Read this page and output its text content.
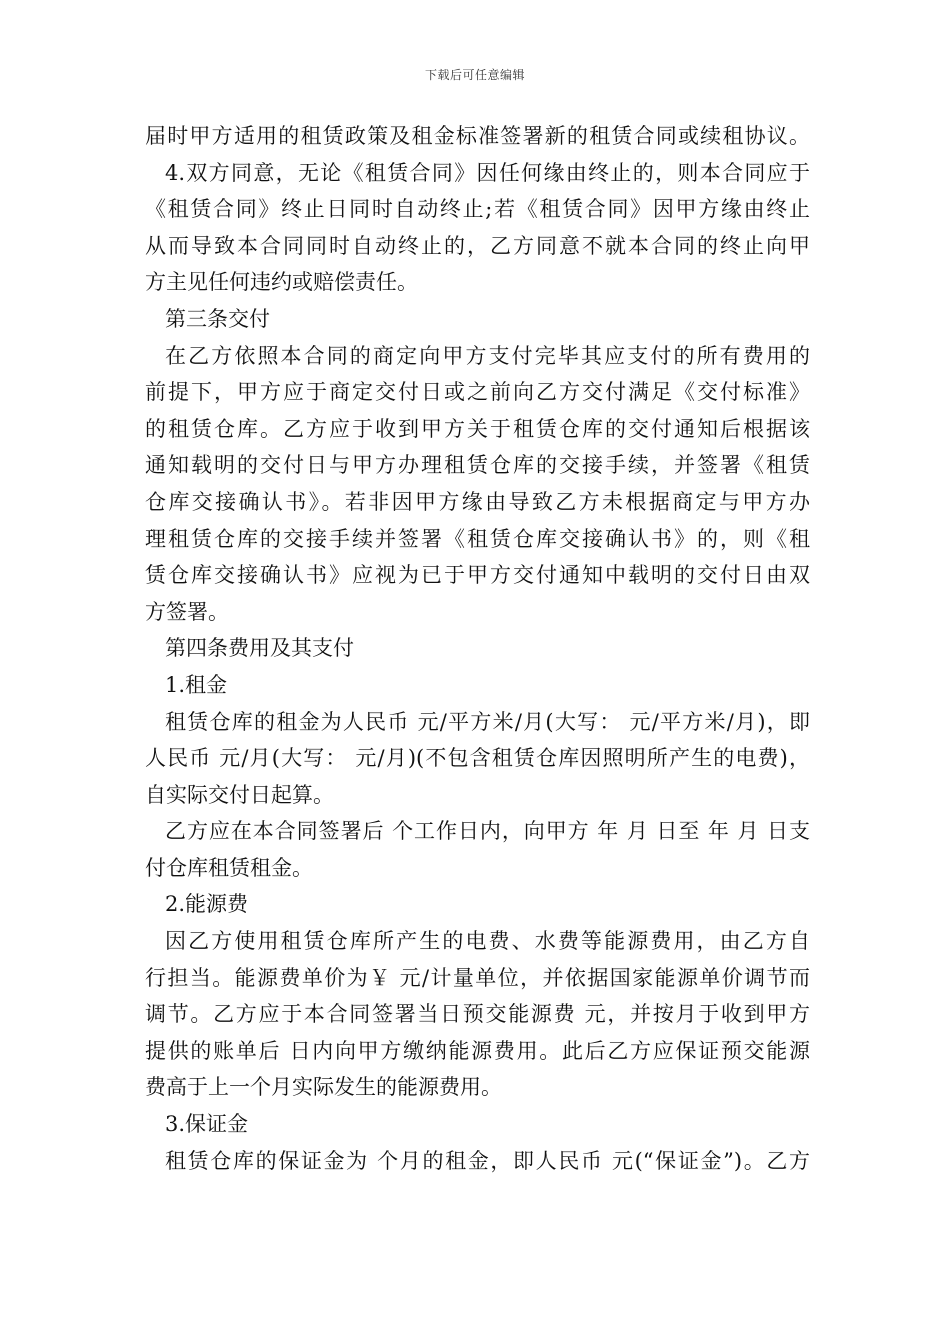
下载后可任意编辑
届时甲方适用的租赁政策及租金标准签署新的租赁合同或续租协议。
4.双方同意，无论《租赁合同》因任何缘由终止的，则本合同应于
《租赁合同》终止日同时自动终止;若《租赁合同》因甲方缘由终止
从而导致本合同同时自动终止的，乙方同意不就本合同的终止向甲
方主见任何违约或赔偿责任。
第三条交付
在乙方依照本合同的商定向甲方支付完毕其应支付的所有费用的
前提下，甲方应于商定交付日或之前向乙方交付满足《交付标准》
的租赁仓库。乙方应于收到甲方关于租赁仓库的交付通知后根据该
通知载明的交付日与甲方办理租赁仓库的交接手续，并签署《租赁
仓库交接确认书》。若非因甲方缘由导致乙方未根据商定与甲方办
理租赁仓库的交接手续并签署《租赁仓库交接确认书》的，则《租
赁仓库交接确认书》应视为已于甲方交付通知中载明的交付日由双
方签署。
第四条费用及其支付
1.租金
租赁仓库的租金为人民币 元/平方米/月(大写： 元/平方米/月)，即
人民币 元/月(大写： 元/月)(不包含租赁仓库因照明所产生的电费)，
自实际交付日起算。
乙方应在本合同签署后 个工作日内，向甲方 年 月 日至 年 月 日支
付仓库租赁租金。
2.能源费
因乙方使用租赁仓库所产生的电费、水费等能源费用，由乙方自
行担当。能源费单价为￥ 元/计量单位，并依据国家能源单价调节而
调节。乙方应于本合同签署当日预交能源费 元，并按月于收到甲方
提供的账单后 日内向甲方缴纳能源费用。此后乙方应保证预交能源
费高于上一个月实际发生的能源费用。
3.保证金
租赁仓库的保证金为 个月的租金，即人民币 元(“保证金”)。乙方
